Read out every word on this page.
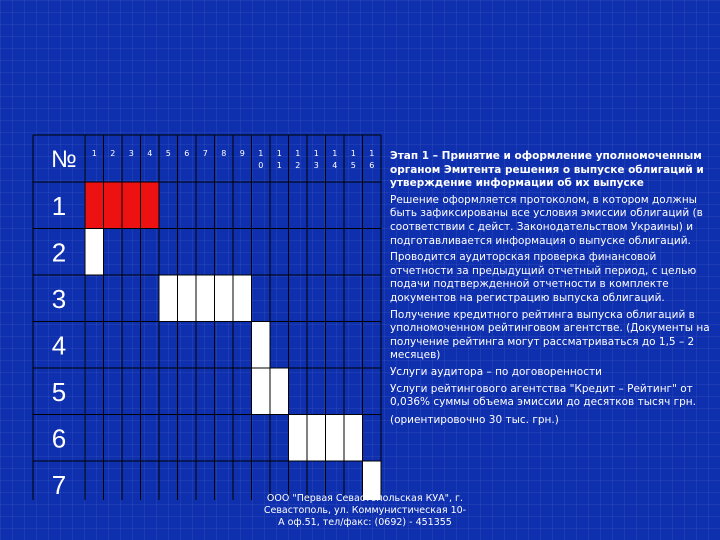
№ 1 2 3 4 5 6 7 8 9 1
0
1
1
1
2
1
3
1
4
1
5
1
6
1
2
3
4
5
6
7

Этап 1 – Принятие и оформление уполномоченным органом Эмитента решения о выпуске облигаций и утверждение информации об их выпуске

Решение оформляется протоколом, в котором должны быть зафиксированы все условия эмиссии облигаций (в соответствии с дейст. Законодательством Украины) и подготавливается информация о выпуске облигаций.

Проводится аудиторская проверка финансовой отчетности за предыдущий отчетный период, с целью подачи подтвержденной отчетности в комплекте документов на регистрацию выпуска облигаций.

Получение кредитного рейтинга выпуска облигаций в уполномоченном рейтинговом агентстве. (Документы на получение рейтинга могут рассматриваться до 1,5 – 2 месяцев)

Услуги аудитора – по договоренности

Услуги рейтингового агентства "Кредит – Рейтинг" от 0,036% суммы объема эмиссии до десятков тысяч грн.

(ориентировочно 30 тыс. грн.)

ООО "Первая Севастопольская КУА", г.
Севастополь, ул. Коммунистическая 10-
А оф.51, тел/факс: (0692) - 451355
